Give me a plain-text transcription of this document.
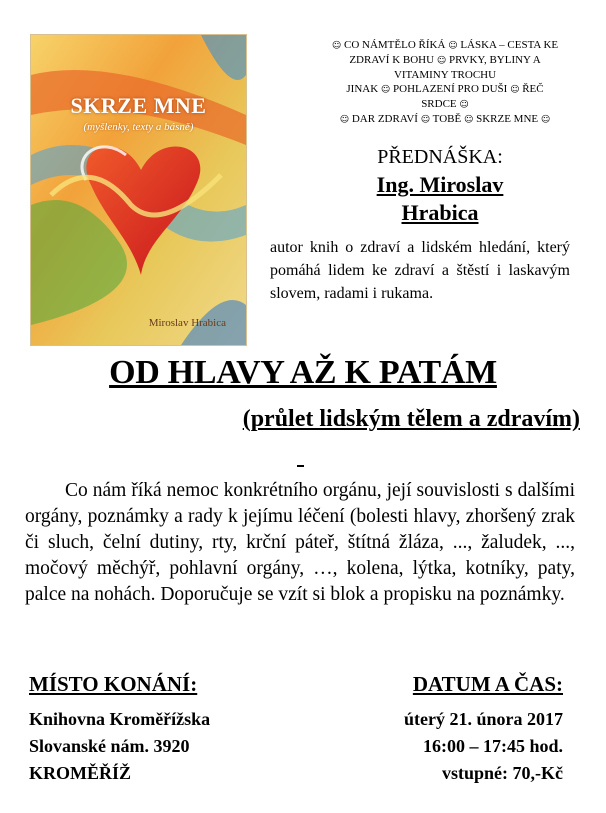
SKRZE MNE
(myšlenky, texty a básně)
Miroslav Hrabica
☺ CO NÁMTĚLO ŘÍKÁ ☺ LÁSKA – CESTA KE
ZDRAVÍ K BOHU ☺ PRVKY, BYLINY A
VITAMINY TROCHU
JINAK ☺ POHLAZENÍ PRO DUŠI ☺ ŘEČ
SRDCE ☺
☺ DAR ZDRAVÍ ☺ TOBĚ ☺ SKRZE MNE ☺
PŘEDNÁŠKA:
Ing. Miroslav
Hrabica
autor knih o zdraví a lidském hledání, který pomáhá lidem ke zdraví a štěstí i laskavým slovem, radami i rukama.
OD HLAVY AŽ K PATÁM
(průlet lidským tělem a zdravím)
Co nám říká nemoc konkrétního orgánu, její souvislosti s dalšími orgány, poznámky a rady k jejímu léčení (bolesti hlavy, zhoršený zrak či sluch, čelní dutiny, rty, krční páteř, štítná žláza, ..., žaludek, ..., močový měchýř, pohlavní orgány, …, kolena, lýtka, kotníky, paty, palce na nohách. Doporučuje se vzít si blok a propisku na poznámky.
MÍSTO KONÁNÍ:	DATUM A ČAS:
Knihovna Kroměřížska
Slovanské nám. 3920
KROMĚŘÍŽ
úterý 21. února 2017
16:00 – 17:45 hod.
vstupné: 70,-Kč
